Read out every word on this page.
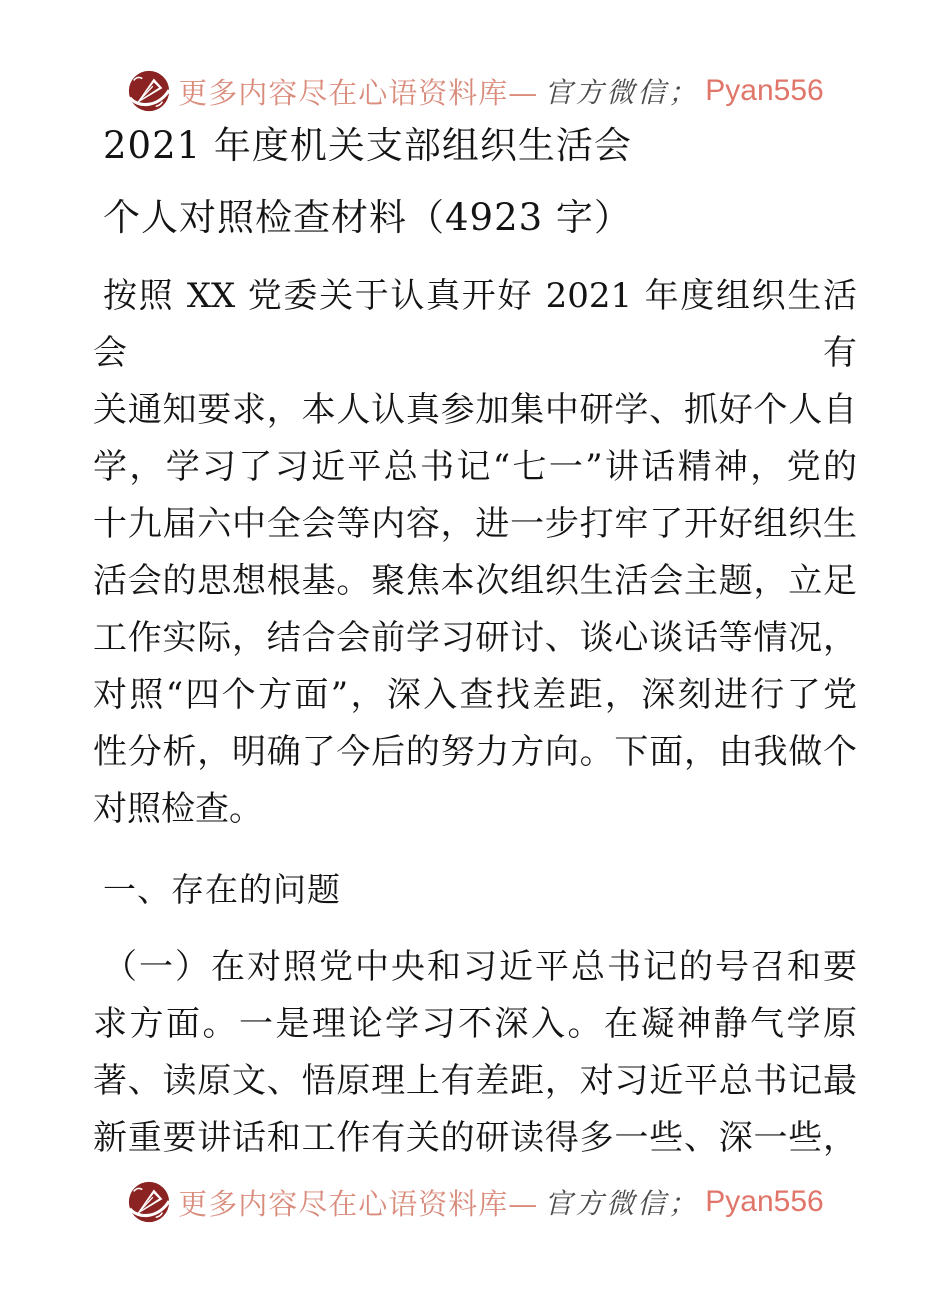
更多内容尽在心语资料库— 官方微信； Pyan556
2021 年度机关支部组织生活会
个人对照检查材料（4923 字）
按照 XX 党委关于认真开好 2021 年度组织生活会有
关通知要求，本人认真参加集中研学、抓好个人自
学，学习了习近平总书记“七一”讲话精神，党的
十九届六中全会等内容，进一步打牢了开好组织生
活会的思想根基。聚焦本次组织生活会主题，立足
工作实际，结合会前学习研讨、谈心谈话等情况，
对照“四个方面”，深入查找差距，深刻进行了党
性分析，明确了今后的努力方向。下面，由我做个
对照检查。
一、存在的问题
（一）在对照党中央和习近平总书记的号召和要
求方面。一是理论学习不深入。在凝神静气学原
著、读原文、悟原理上有差距，对习近平总书记最
新重要讲话和工作有关的研读得多一些、深一些，
更多内容尽在心语资料库— 官方微信； Pyan556
